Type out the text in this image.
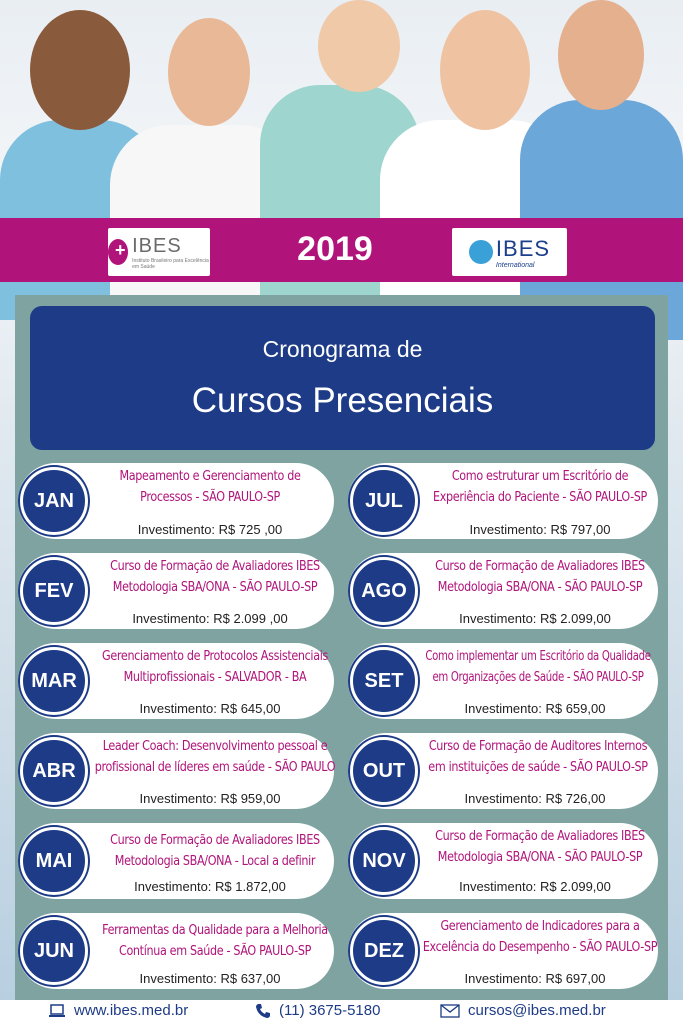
+
IBES
Instituto Brasileiro para Excelência em Saúde	2019	IBES
International
Cronograma de
Cursos Presenciais
JAN
Mapeamento e Gerenciamento de
Processos - SÃO PAULO-SP
Investimento: R$ 725 ,00
FEV
Curso de Formação de Avaliadores IBES
Metodologia SBA/ONA - SÃO PAULO-SP
Investimento: R$ 2.099 ,00
MAR
Gerenciamento de Protocolos Assistenciais
Multiprofissionais - SALVADOR - BA
Investimento: R$ 645,00
ABR
Leader Coach: Desenvolvimento pessoal e
profissional de líderes em saúde - SÃO PAULO
Investimento: R$ 959,00
MAI
Curso de Formação de Avaliadores IBES
Metodologia SBA/ONA - Local a definir
Investimento: R$ 1.872,00
JUN
Ferramentas da Qualidade para a Melhoria
Contínua em Saúde - SÃO PAULO-SP
Investimento: R$ 637,00
JUL
Como estruturar um Escritório de
Experiência do Paciente - SÃO PAULO-SP
Investimento: R$ 797,00
AGO
Curso de Formação de Avaliadores IBES
Metodologia SBA/ONA - SÃO PAULO-SP
Investimento: R$ 2.099,00
SET
Como implementar um Escritório da Qualidade
em Organizações de Saúde - SÃO PAULO-SP
Investimento: R$ 659,00
OUT
Curso de Formação de Auditores Internos
em instituições de saúde - SÃO PAULO-SP
Investimento: R$ 726,00
NOV
Curso de Formação de Avaliadores IBES
Metodologia SBA/ONA - SÃO PAULO-SP
Investimento: R$ 2.099,00
DEZ
Gerenciamento de Indicadores para a
Excelência do Desempenho - SÃO PAULO-SP
Investimento: R$ 697,00
www.ibes.med.br	(11) 3675-5180	cursos@ibes.med.br
